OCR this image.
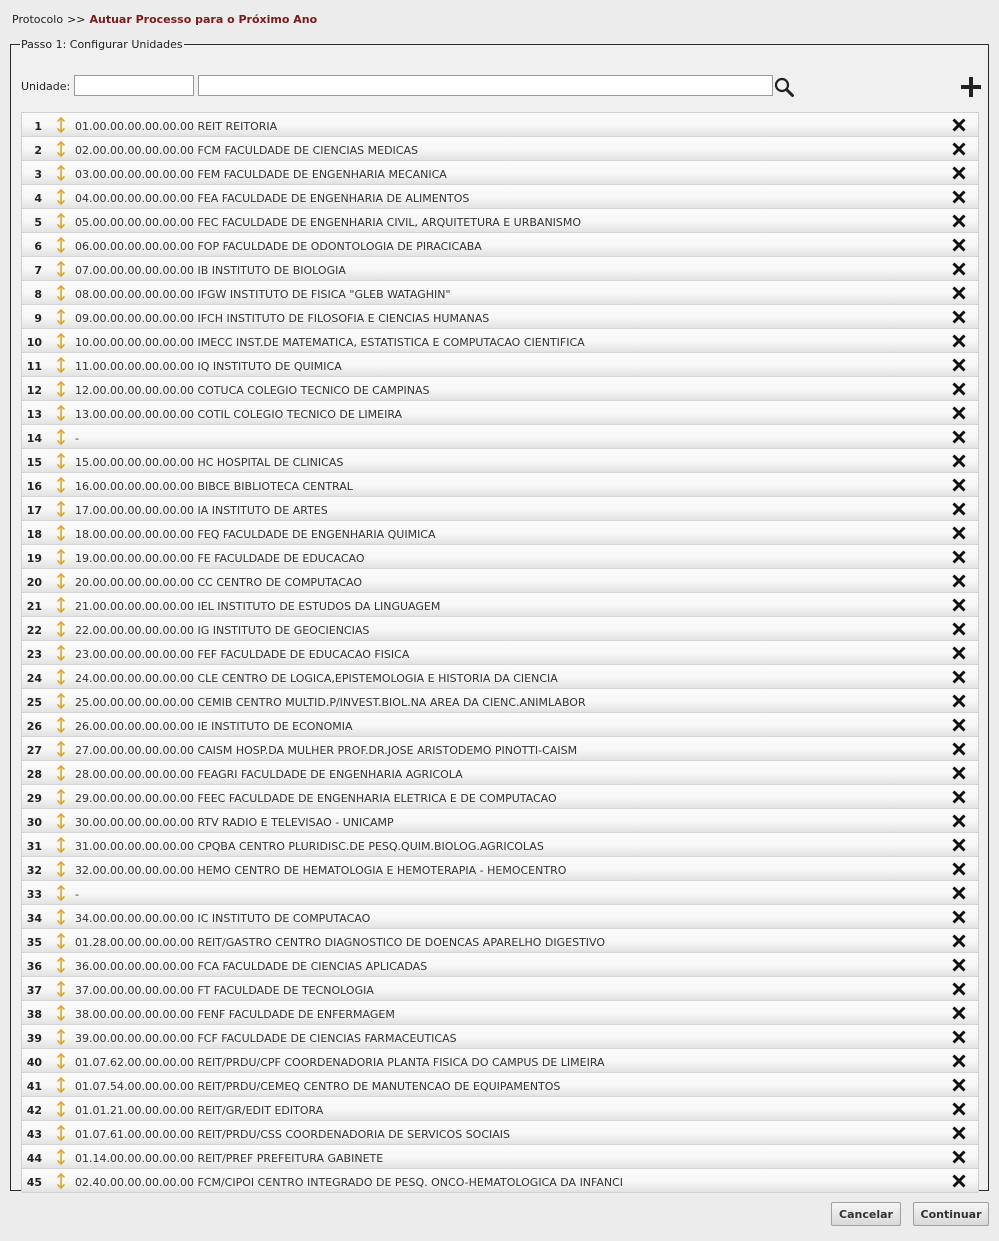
Protocolo >> Autuar Processo para o Próximo Ano
Passo 1: Configurar Unidades
Unidade:
1	01.00.00.00.00.00.00 REIT REITORIA
2	02.00.00.00.00.00.00 FCM FACULDADE DE CIENCIAS MEDICAS
3	03.00.00.00.00.00.00 FEM FACULDADE DE ENGENHARIA MECANICA
4	04.00.00.00.00.00.00 FEA FACULDADE DE ENGENHARIA DE ALIMENTOS
5	05.00.00.00.00.00.00 FEC FACULDADE DE ENGENHARIA CIVIL, ARQUITETURA E URBANISMO
6	06.00.00.00.00.00.00 FOP FACULDADE DE ODONTOLOGIA DE PIRACICABA
7	07.00.00.00.00.00.00 IB INSTITUTO DE BIOLOGIA
8	08.00.00.00.00.00.00 IFGW INSTITUTO DE FISICA "GLEB WATAGHIN"
9	09.00.00.00.00.00.00 IFCH INSTITUTO DE FILOSOFIA E CIENCIAS HUMANAS
10	10.00.00.00.00.00.00 IMECC INST.DE MATEMATICA, ESTATISTICA E COMPUTACAO CIENTIFICA
11	11.00.00.00.00.00.00 IQ INSTITUTO DE QUIMICA
12	12.00.00.00.00.00.00 COTUCA COLEGIO TECNICO DE CAMPINAS
13	13.00.00.00.00.00.00 COTIL COLEGIO TECNICO DE LIMEIRA
14	-
15	15.00.00.00.00.00.00 HC HOSPITAL DE CLINICAS
16	16.00.00.00.00.00.00 BIBCE BIBLIOTECA CENTRAL
17	17.00.00.00.00.00.00 IA INSTITUTO DE ARTES
18	18.00.00.00.00.00.00 FEQ FACULDADE DE ENGENHARIA QUIMICA
19	19.00.00.00.00.00.00 FE FACULDADE DE EDUCACAO
20	20.00.00.00.00.00.00 CC CENTRO DE COMPUTACAO
21	21.00.00.00.00.00.00 IEL INSTITUTO DE ESTUDOS DA LINGUAGEM
22	22.00.00.00.00.00.00 IG INSTITUTO DE GEOCIENCIAS
23	23.00.00.00.00.00.00 FEF FACULDADE DE EDUCACAO FISICA
24	24.00.00.00.00.00.00 CLE CENTRO DE LOGICA,EPISTEMOLOGIA E HISTORIA DA CIENCIA
25	25.00.00.00.00.00.00 CEMIB CENTRO MULTID.P/INVEST.BIOL.NA AREA DA CIENC.ANIMLABOR
26	26.00.00.00.00.00.00 IE INSTITUTO DE ECONOMIA
27	27.00.00.00.00.00.00 CAISM HOSP.DA MULHER PROF.DR.JOSE ARISTODEMO PINOTTI-CAISM
28	28.00.00.00.00.00.00 FEAGRI FACULDADE DE ENGENHARIA AGRICOLA
29	29.00.00.00.00.00.00 FEEC FACULDADE DE ENGENHARIA ELETRICA E DE COMPUTACAO
30	30.00.00.00.00.00.00 RTV RADIO E TELEVISAO - UNICAMP
31	31.00.00.00.00.00.00 CPQBA CENTRO PLURIDISC.DE PESQ.QUIM.BIOLOG.AGRICOLAS
32	32.00.00.00.00.00.00 HEMO CENTRO DE HEMATOLOGIA E HEMOTERAPIA - HEMOCENTRO
33	-
34	34.00.00.00.00.00.00 IC INSTITUTO DE COMPUTACAO
35	01.28.00.00.00.00.00 REIT/GASTRO CENTRO DIAGNOSTICO DE DOENCAS APARELHO DIGESTIVO
36	36.00.00.00.00.00.00 FCA FACULDADE DE CIENCIAS APLICADAS
37	37.00.00.00.00.00.00 FT FACULDADE DE TECNOLOGIA
38	38.00.00.00.00.00.00 FENF FACULDADE DE ENFERMAGEM
39	39.00.00.00.00.00.00 FCF FACULDADE DE CIENCIAS FARMACEUTICAS
40	01.07.62.00.00.00.00 REIT/PRDU/CPF COORDENADORIA PLANTA FISICA DO CAMPUS DE LIMEIRA
41	01.07.54.00.00.00.00 REIT/PRDU/CEMEQ CENTRO DE MANUTENCAO DE EQUIPAMENTOS
42	01.01.21.00.00.00.00 REIT/GR/EDIT EDITORA
43	01.07.61.00.00.00.00 REIT/PRDU/CSS COORDENADORIA DE SERVICOS SOCIAIS
44	01.14.00.00.00.00.00 REIT/PREF PREFEITURA GABINETE
45	02.40.00.00.00.00.00 FCM/CIPOI CENTRO INTEGRADO DE PESQ. ONCO-HEMATOLOGICA DA INFANCI
Cancelar	Continuar
